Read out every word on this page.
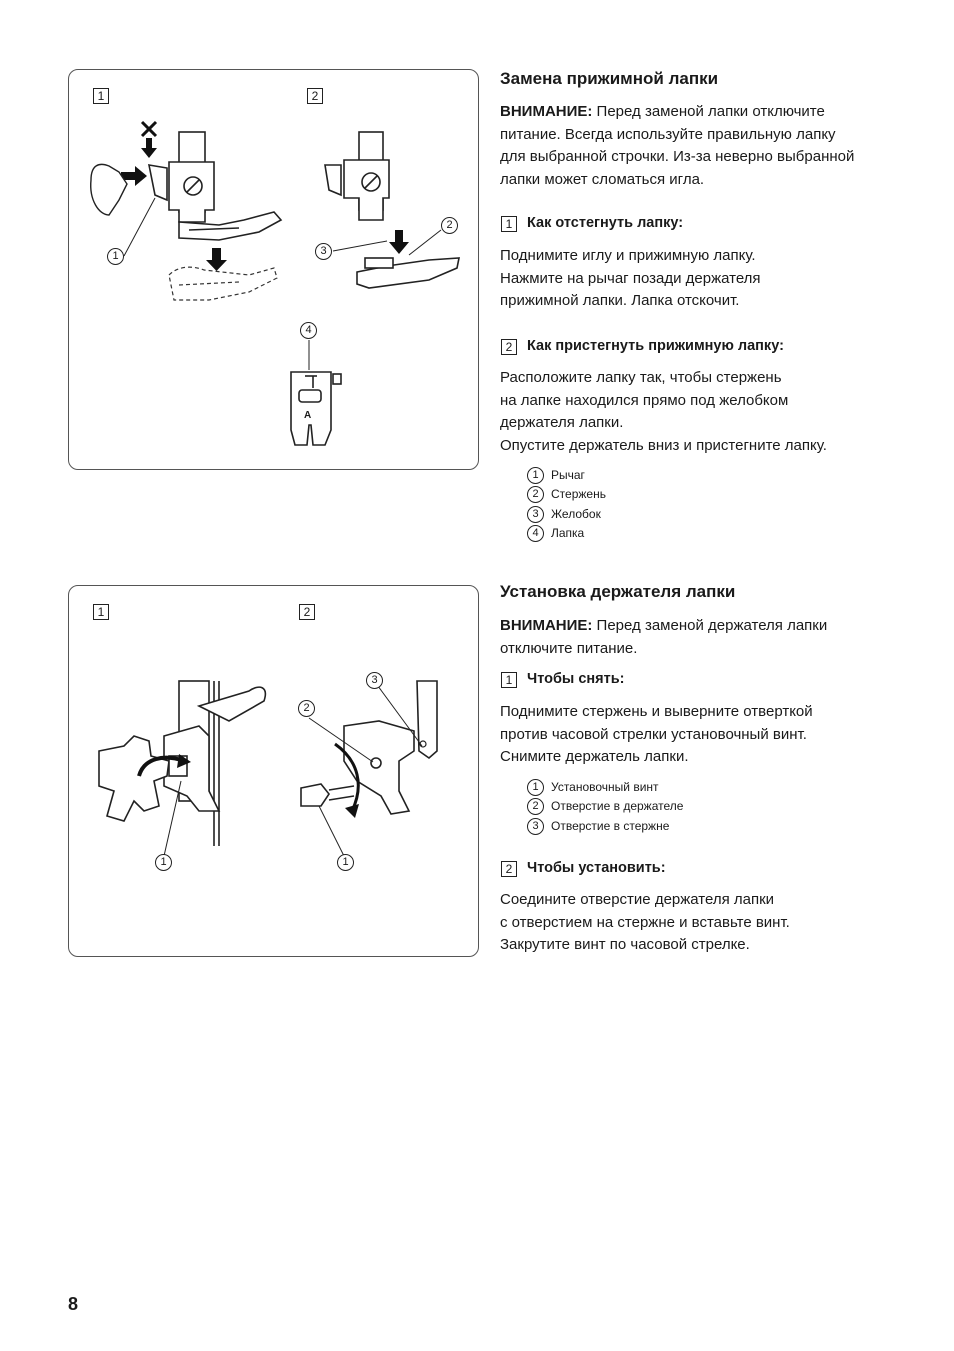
1	2
1
2
3
4
A
Замена прижимной лапки
ВНИМАНИЕ: Перед заменой лапки отключите питание. Всегда используйте правильную лапку для выбранной строчки. Из-за неверно выбранной лапки может сломаться игла.
1	Как отстегнуть лапку:
Поднимите иглу и прижимную лапку.
Нажмите на рычаг позади держателя
прижимной лапки. Лапка отскочит.
2	Как пристегнуть прижимную лапку:
Расположите лапку так, чтобы стержень
на лапке находился прямо под желобком
держателя лапки.
Опустите держатель вниз и пристегните лапку.
1	Рычаг
2	Стержень
3	Желобок
4	Лапка
1	2
1	1
2
3
Установка держателя лапки
ВНИМАНИЕ: Перед заменой держателя лапки отключите питание.
1	Чтобы снять:
Поднимите стержень и выверните отверткой
против часовой стрелки установочный винт.
Снимите держатель лапки.
1	Установочный винт
2	Отверстие в держателе
3	Отверстие в стержне
2	Чтобы установить:
Соедините отверстие держателя лапки
с отверстием на стержне и вставьте винт.
Закрутите винт по часовой стрелке.
8
